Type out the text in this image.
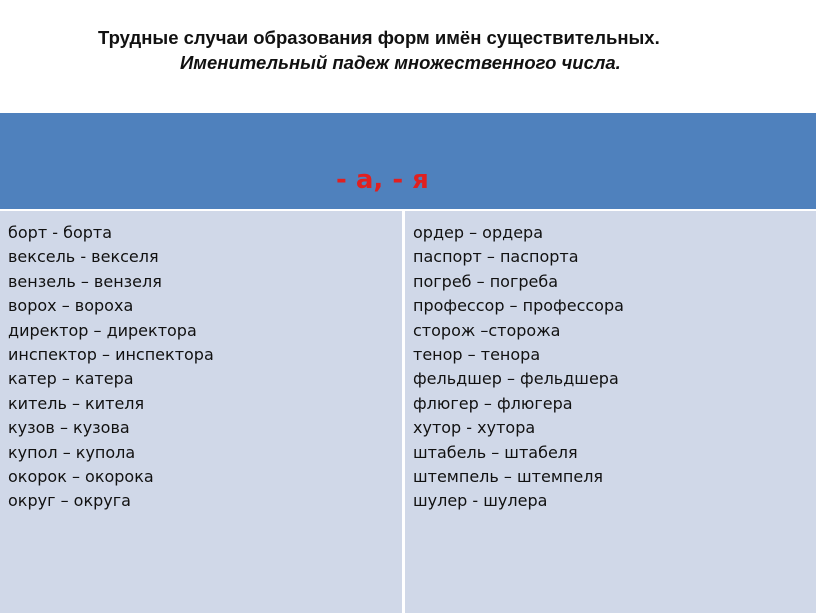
Трудные случаи образования форм имён существительных.
Именительный падеж множественного числа.
- а, - я
борт - борта
вексель - векселя
вензель – вензеля
ворох – вороха
директор – директора
инспектор – инспектора
катер – катера
китель – кителя
кузов – кузова
купол – купола
окорок – окорока
округ – округа
ордер – ордера
паспорт – паспорта
погреб – погреба
профессор – профессора
сторож –сторожа
тенор – тенора
фельдшер – фельдшера
флюгер – флюгера
хутор - хутора
штабель – штабеля
штемпель – штемпеля
шулер - шулера
